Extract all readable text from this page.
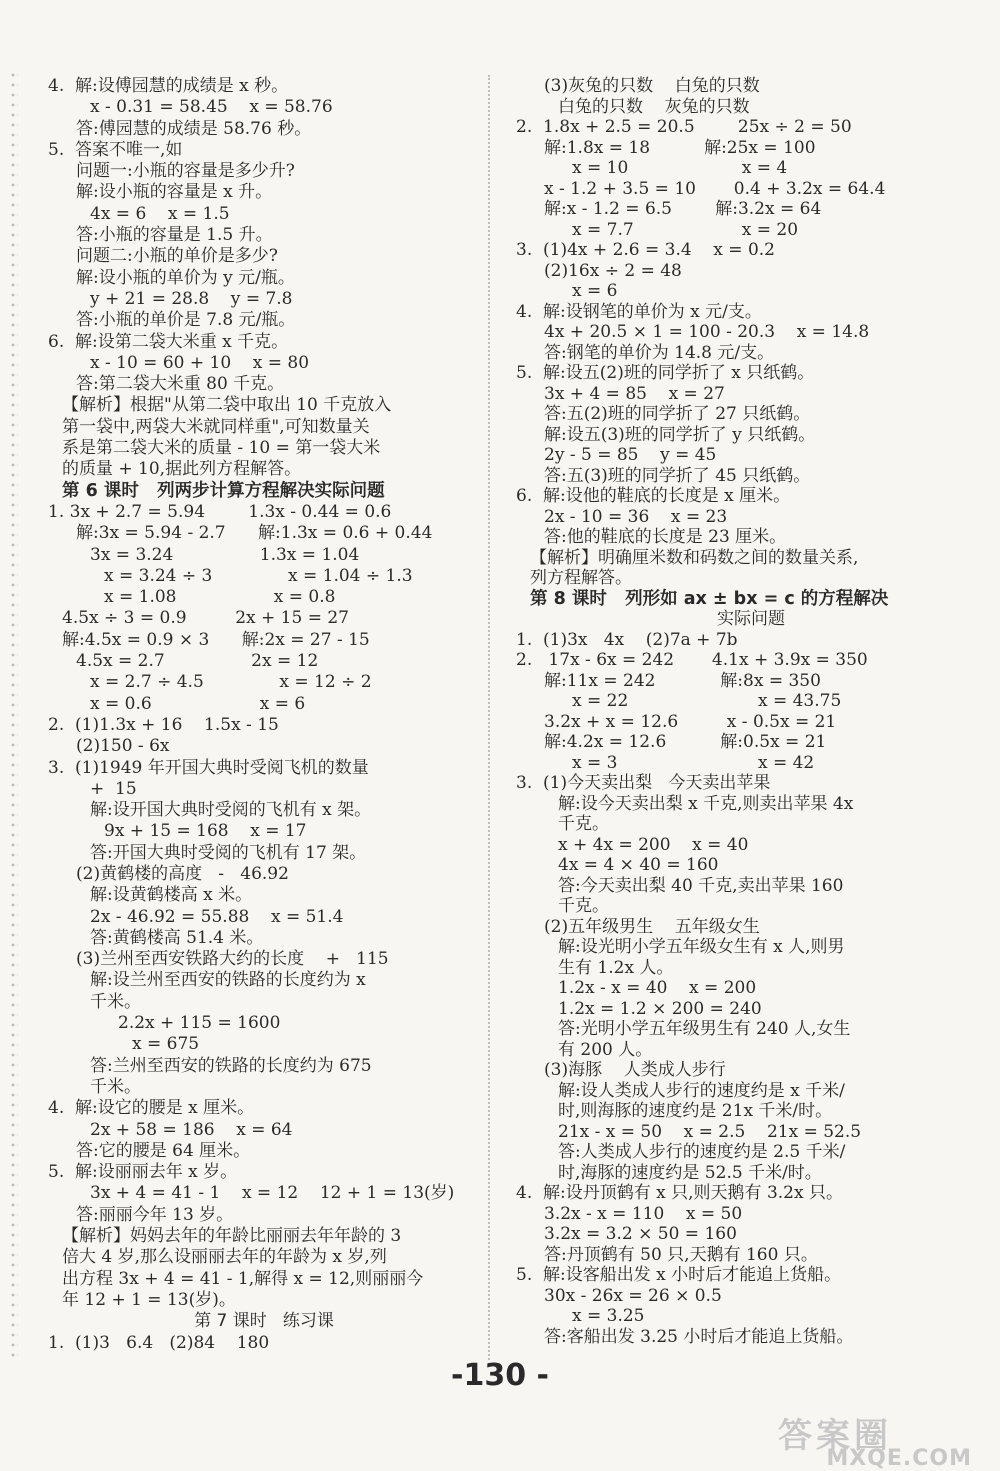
4.  解:设傅园慧的成绩是 x 秒。
x - 0.31 = 58.45    x = 58.76
答:傅园慧的成绩是 58.76 秒。
5.  答案不唯一,如
问题一:小瓶的容量是多少升?
解:设小瓶的容量是 x 升。
4x = 6    x = 1.5
答:小瓶的容量是 1.5 升。
问题二:小瓶的单价是多少?
解:设小瓶的单价为 y 元/瓶。
y + 21 = 28.8    y = 7.8
答:小瓶的单价是 7.8 元/瓶。
6.  解:设第二袋大米重 x 千克。
x - 10 = 60 + 10    x = 80
答:第二袋大米重 80 千克。
【解析】根据"从第二袋中取出 10 千克放入
第一袋中,两袋大米就同样重",可知数量关
系是第二袋大米的质量 - 10 = 第一袋大米
的质量 + 10,据此列方程解答。
第 6 课时   列两步计算方程解决实际问题
1. 3x + 2.7 = 5.94        1.3x - 0.44 = 0.6
解:3x = 5.94 - 2.7      解:1.3x = 0.6 + 0.44
3x = 3.24                1.3x = 1.04
x = 3.24 ÷ 3              x = 1.04 ÷ 1.3
x = 1.08                  x = 0.8
4.5x ÷ 3 = 0.9         2x + 15 = 27
解:4.5x = 0.9 × 3      解:2x = 27 - 15
4.5x = 2.7                2x = 12
x = 2.7 ÷ 4.5              x = 12 ÷ 2
x = 0.6                    x = 6
2.  (1)1.3x + 16    1.5x - 15
(2)150 - 6x
3.  (1)1949 年开国大典时受阅飞机的数量
+  15
解:设开国大典时受阅的飞机有 x 架。
9x + 15 = 168    x = 17
答:开国大典时受阅的飞机有 17 架。
(2)黄鹤楼的高度   -   46.92
解:设黄鹤楼高 x 米。
2x - 46.92 = 55.88    x = 51.4
答:黄鹤楼高 51.4 米。
(3)兰州至西安铁路大约的长度    +   115
解:设兰州至西安的铁路的长度约为 x
千米。
2.2x + 115 = 1600
x = 675
答:兰州至西安的铁路的长度约为 675
千米。
4.  解:设它的腰是 x 厘米。
2x + 58 = 186    x = 64
答:它的腰是 64 厘米。
5.  解:设丽丽去年 x 岁。
3x + 4 = 41 - 1    x = 12    12 + 1 = 13(岁)
答:丽丽今年 13 岁。
【解析】妈妈去年的年龄比丽丽去年年龄的 3
倍大 4 岁,那么设丽丽去年的年龄为 x 岁,列
出方程 3x + 4 = 41 - 1,解得 x = 12,则丽丽今
年 12 + 1 = 13(岁)。
第 7 课时   练习课
1.  (1)3   6.4   (2)84    180
(3)灰兔的只数    白兔的只数
白兔的只数    灰兔的只数
2.  1.8x + 2.5 = 20.5        25x ÷ 2 = 50
解:1.8x = 18          解:25x = 100
x = 10                     x = 4
x - 1.2 + 3.5 = 10       0.4 + 3.2x = 64.4
解:x - 1.2 = 6.5        解:3.2x = 64
x = 7.7                    x = 20
3.  (1)4x + 2.6 = 3.4    x = 0.2
(2)16x ÷ 2 = 48
x = 6
4.  解:设钢笔的单价为 x 元/支。
4x + 20.5 × 1 = 100 - 20.3    x = 14.8
答:钢笔的单价为 14.8 元/支。
5.  解:设五(2)班的同学折了 x 只纸鹤。
3x + 4 = 85    x = 27
答:五(2)班的同学折了 27 只纸鹤。
解:设五(3)班的同学折了 y 只纸鹤。
2y - 5 = 85    y = 45
答:五(3)班的同学折了 45 只纸鹤。
6.  解:设他的鞋底的长度是 x 厘米。
2x - 10 = 36    x = 23
答:他的鞋底的长度是 23 厘米。
【解析】明确厘米数和码数之间的数量关系,
列方程解答。
第 8 课时   列形如 ax ± bx = c 的方程解决
实际问题
1.  (1)3x   4x    (2)7a + 7b
2.   17x - 6x = 242       4.1x + 3.9x = 350
解:11x = 242            解:8x = 350
x = 22                        x = 43.75
3.2x + x = 12.6         x - 0.5x = 21
解:4.2x = 12.6          解:0.5x = 21
x = 3                          x = 42
3.  (1)今天卖出梨   今天卖出苹果
解:设今天卖出梨 x 千克,则卖出苹果 4x
千克。
x + 4x = 200    x = 40
4x = 4 × 40 = 160
答:今天卖出梨 40 千克,卖出苹果 160
千克。
(2)五年级男生    五年级女生
解:设光明小学五年级女生有 x 人,则男
生有 1.2x 人。
1.2x - x = 40    x = 200
1.2x = 1.2 × 200 = 240
答:光明小学五年级男生有 240 人,女生
有 200 人。
(3)海豚    人类成人步行
解:设人类成人步行的速度约是 x 千米/
时,则海豚的速度约是 21x 千米/时。
21x - x = 50    x = 2.5    21x = 52.5
答:人类成人步行的速度约是 2.5 千米/
时,海豚的速度约是 52.5 千米/时。
4.  解:设丹顶鹤有 x 只,则天鹅有 3.2x 只。
3.2x - x = 110    x = 50
3.2x = 3.2 × 50 = 160
答:丹顶鹤有 50 只,天鹅有 160 只。
5.  解:设客船出发 x 小时后才能追上货船。
30x - 26x = 26 × 0.5
x = 3.25
答:客船出发 3.25 小时后才能追上货船。
-130 -
答案圈
MXQE.COM
